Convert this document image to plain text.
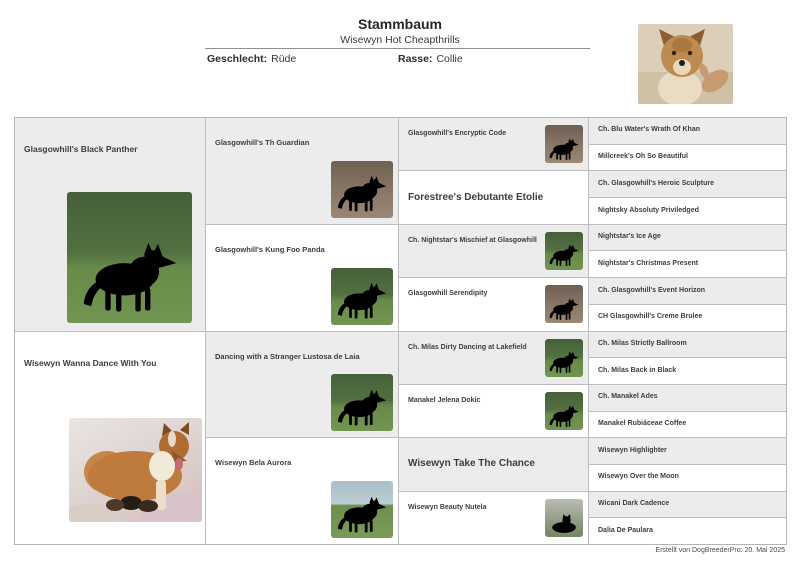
Stammbaum
Wisewyn Hot Cheapthrills
Geschlecht: Rüde	Rasse: Collie
Glasgowhill's Black Panther
Wisewyn Wanna Dance With You
Glasgowhill's Th Guardian
Glasgowhill's Kung Foo Panda
Dancing with a Stranger Lustosa de Laia
Wisewyn Bela Aurora
Glasgowhill's Encryptic Code
Forestree's Debutante Etolie
Ch. Nightstar's Mischief at Glasgowhill
Glasgowhill Serendipity
Ch. Milas Dirty Dancing at Lakefield
Manakel Jelena Dokic
Wisewyn Take The Chance
Wisewyn Beauty Nutela
Ch. Blu Water's Wrath Of Khan
Millcreek's Oh So Beautiful
Ch. Glasgowhill's Heroic Sculpture
Nightsky Absoluty Priviledged
Nightstar's Ice Age
Nightstar's Christmas Present
Ch. Glasgowhill's Event Horizon
CH Glasgowhill's Creme Brulee
Ch. Milas Strictly Ballroom
Ch. Milas Back in Black
Ch. Manakel Ades
Manakel Rubiáceae Coffee
Wisewyn Highlighter
Wisewyn Over the Moon
Wicani Dark Cadence
Dalia De Paulara
Erstellt von DogBreederPro: 20. Mai 2025
